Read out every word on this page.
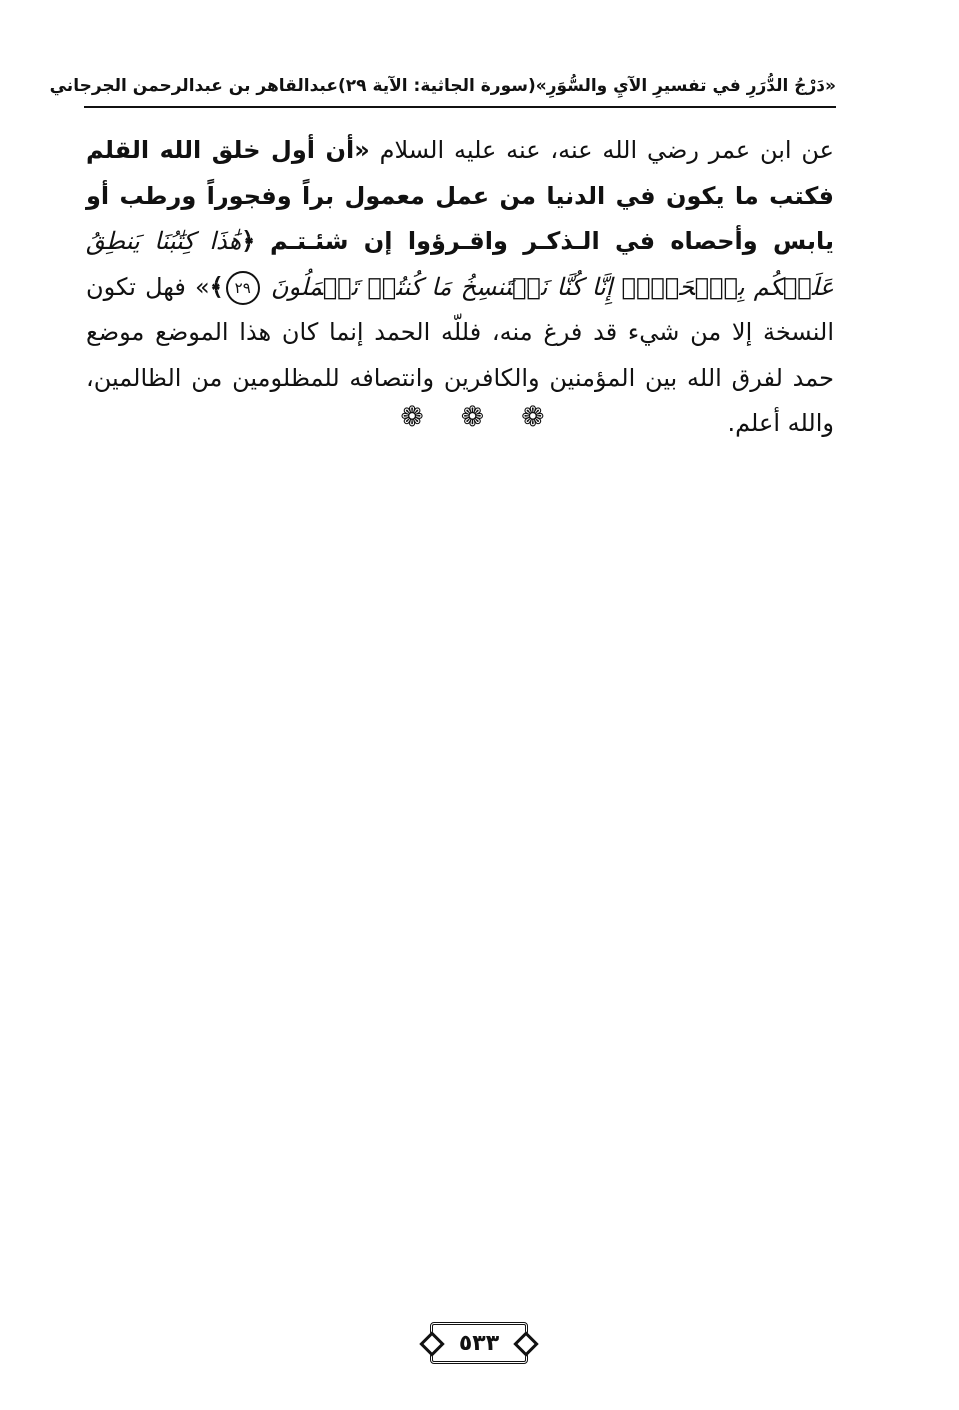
«دَرْجُ الدُّرَرِ في تفسيرِ الآيِ والسُّوَرِ»
(سورة الجاثية: الآية ٢٩)
عبدالقاهر بن عبدالرحمن الجرجاني
عن ابن عمر رضي الله عنه، عنه عليه السلام «أن أول خلق الله القلم فكتب ما يكون في الدنيا من عمل معمول براً وفجوراً ورطب أو يابس وأحصاه في الـذكـر واقـرؤوا إن شئـتـم ﴿هَٰذَا كِتَٰبُنَا يَنطِقُ عَلَيۡكُم بِٱلۡحَقِّۚ إِنَّا كُنَّا نَسۡتَنسِخُ مَا كُنتُمۡ تَعۡمَلُونَ ٢٩﴾» فهل تكون النسخة إلا من شيء قد فرغ منه، فللّه الحمد إنما كان هذا الموضع موضع حمد لفرق الله بين المؤمنين والكافرين وانتصافه للمظلومين من الظالمين، والله أعلم.
❁ ❁ ❁
٥٣٣
